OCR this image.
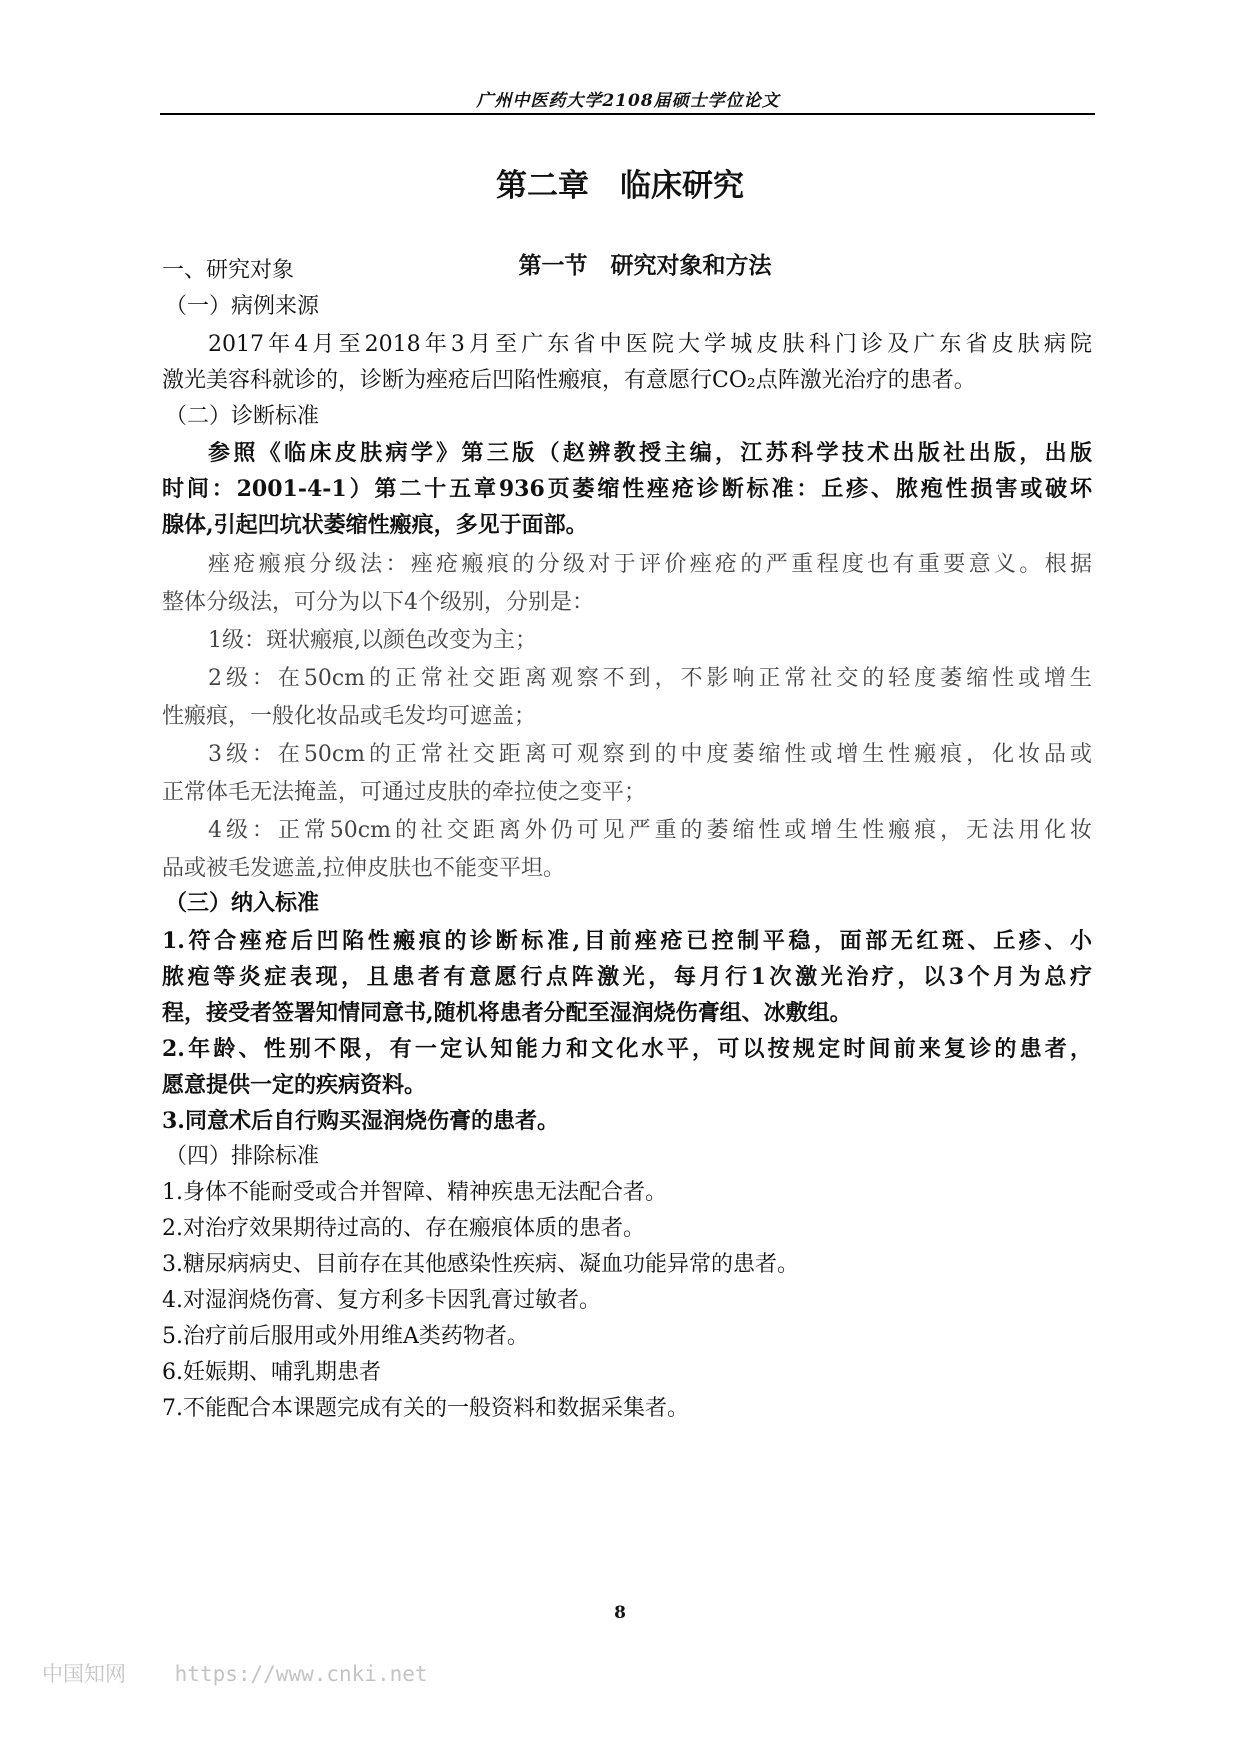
广州中医药大学2108届硕士学位论文
第二章　临床研究
第一节　研究对象和方法
一、研究对象
（一）病例来源
2017年4月至2018年3月至广东省中医院大学城皮肤科门诊及广东省皮肤病院
激光美容科就诊的，诊断为痤疮后凹陷性瘢痕，有意愿行CO₂点阵激光治疗的患者。
（二）诊断标准
参照《临床皮肤病学》第三版（赵辨教授主编，江苏科学技术出版社出版，出版
时间：2001-4-1）第二十五章936页萎缩性痤疮诊断标准：丘疹、脓疱性损害或破坏
腺体,引起凹坑状萎缩性瘢痕，多见于面部。
痤疮瘢痕分级法：痤疮瘢痕的分级对于评价痤疮的严重程度也有重要意义。根据
整体分级法，可分为以下4个级别，分别是：
1级：斑状瘢痕,以颜色改变为主；
2级：在50cm的正常社交距离观察不到，不影响正常社交的轻度萎缩性或增生
性瘢痕，一般化妆品或毛发均可遮盖；
3级：在50cm的正常社交距离可观察到的中度萎缩性或增生性瘢痕，化妆品或
正常体毛无法掩盖，可通过皮肤的牵拉使之变平；
4级：正常50cm的社交距离外仍可见严重的萎缩性或增生性瘢痕，无法用化妆
品或被毛发遮盖,拉伸皮肤也不能变平坦。
（三）纳入标准
1.符合痤疮后凹陷性瘢痕的诊断标准,目前痤疮已控制平稳，面部无红斑、丘疹、小
脓疱等炎症表现，且患者有意愿行点阵激光，每月行1次激光治疗，以3个月为总疗
程，接受者签署知情同意书,随机将患者分配至湿润烧伤膏组、冰敷组。
2.年龄、性别不限，有一定认知能力和文化水平，可以按规定时间前来复诊的患者，
愿意提供一定的疾病资料。
3.同意术后自行购买湿润烧伤膏的患者。
（四）排除标准
1.身体不能耐受或合并智障、精神疾患无法配合者。
2.对治疗效果期待过高的、存在瘢痕体质的患者。
3.糖尿病病史、目前存在其他感染性疾病、凝血功能异常的患者。
4.对湿润烧伤膏、复方利多卡因乳膏过敏者。
5.治疗前后服用或外用维A类药物者。
6.妊娠期、哺乳期患者
7.不能配合本课题完成有关的一般资料和数据采集者。
8
中国知网 https://www.cnki.net
